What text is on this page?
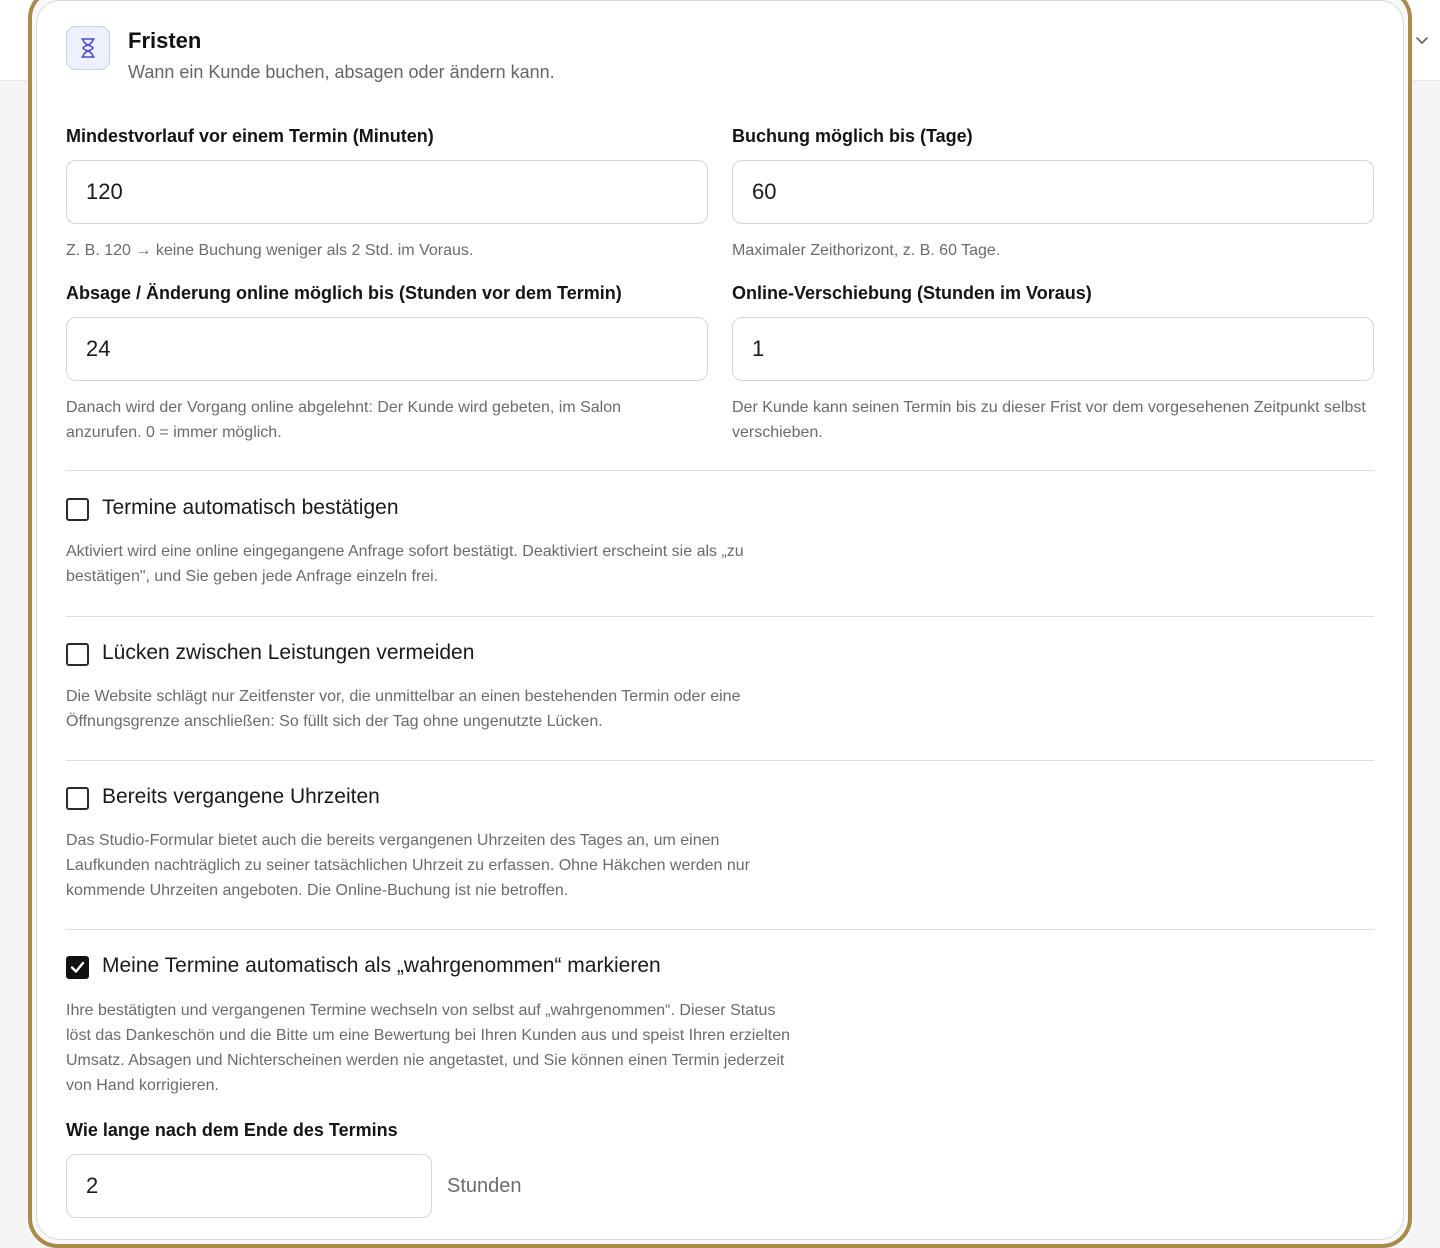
Fristen
Wann ein Kunde buchen, absagen oder ändern kann.
Mindestvorlauf vor einem Termin (Minuten)
120
Z. B. 120 → keine Buchung weniger als 2 Std. im Voraus.
Buchung möglich bis (Tage)
60
Maximaler Zeithorizont, z. B. 60 Tage.
Absage / Änderung online möglich bis (Stunden vor dem Termin)
24
Danach wird der Vorgang online abgelehnt: Der Kunde wird gebeten, im Salon anzurufen. 0 = immer möglich.
Online-Verschiebung (Stunden im Voraus)
1
Der Kunde kann seinen Termin bis zu dieser Frist vor dem vorgesehenen Zeitpunkt selbst verschieben.
Termine automatisch bestätigen
Aktiviert wird eine online eingegangene Anfrage sofort bestätigt. Deaktiviert erscheint sie als „zu bestätigen", und Sie geben jede Anfrage einzeln frei.
Lücken zwischen Leistungen vermeiden
Die Website schlägt nur Zeitfenster vor, die unmittelbar an einen bestehenden Termin oder eine Öffnungsgrenze anschließen: So füllt sich der Tag ohne ungenutzte Lücken.
Bereits vergangene Uhrzeiten
Das Studio-Formular bietet auch die bereits vergangenen Uhrzeiten des Tages an, um einen Laufkunden nachträglich zu seiner tatsächlichen Uhrzeit zu erfassen. Ohne Häkchen werden nur kommende Uhrzeiten angeboten. Die Online-Buchung ist nie betroffen.
Meine Termine automatisch als „wahrgenommen“ markieren
Ihre bestätigten und vergangenen Termine wechseln von selbst auf „wahrgenommen“. Dieser Status löst das Dankeschön und die Bitte um eine Bewertung bei Ihren Kunden aus und speist Ihren erzielten Umsatz. Absagen und Nichterscheinen werden nie angetastet, und Sie können einen Termin jederzeit von Hand korrigieren.
Wie lange nach dem Ende des Termins
2
Stunden
